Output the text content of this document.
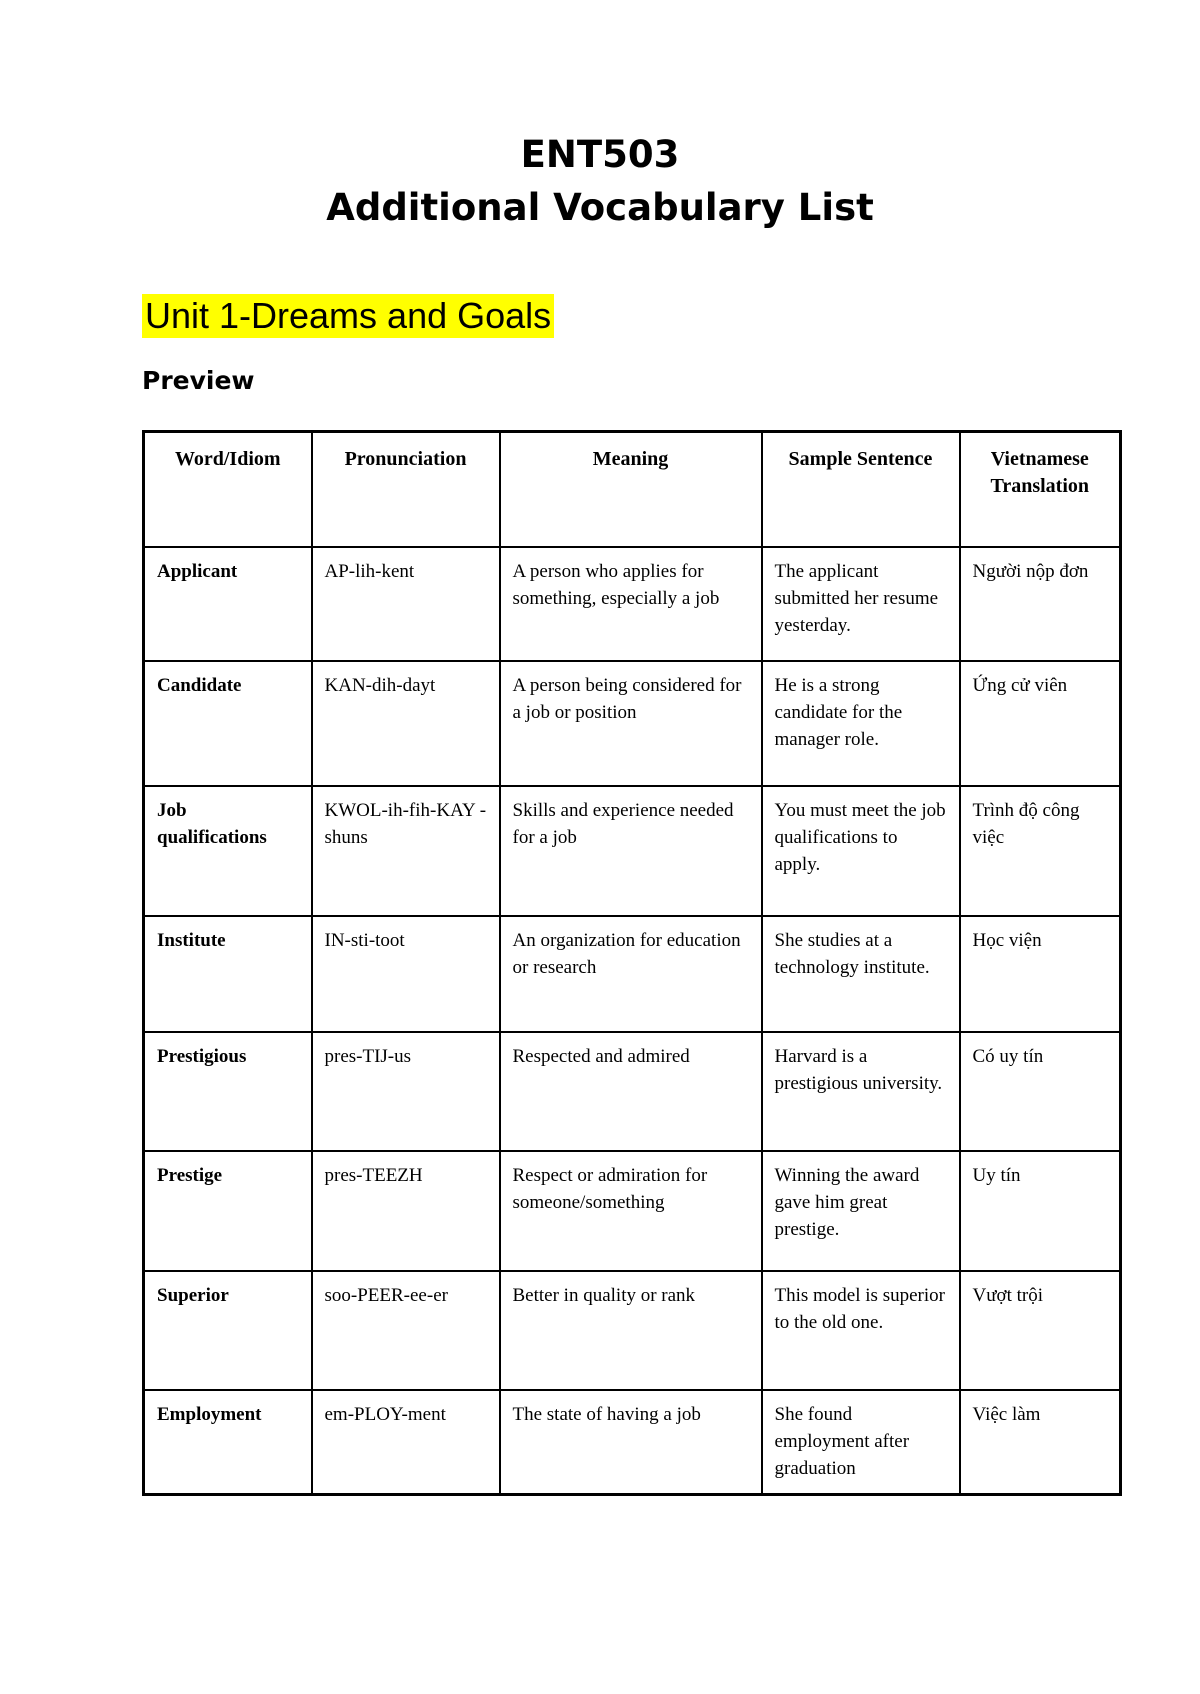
ENT503
Additional Vocabulary List
Unit 1-Dreams and Goals
Preview
Word/Idiom	Pronunciation	Meaning	Sample Sentence	Vietnamese Translation
Applicant	AP-lih-kent	A person who applies for something, especially a job	The applicant submitted her resume yesterday.	Người nộp đơn
Candidate	KAN-dih-dayt	A person being considered for a job or position	He is a strong candidate for the manager role.	Ứng cử viên
Job qualifications	KWOL-ih-fih-KAY -shuns	Skills and experience needed for a job	You must meet the job qualifications to apply.	Trình độ công việc
Institute	IN-sti-toot	An organization for education or research	She studies at a technology institute.	Học viện
Prestigious	pres-TIJ-us	Respected and admired	Harvard is a prestigious university.	Có uy tín
Prestige	pres-TEEZH	Respect or admiration for someone/something	Winning the award gave him great prestige.	Uy tín
Superior	soo-PEER-ee-er	Better in quality or rank	This model is superior to the old one.	Vượt trội
Employment	em-PLOY-ment	The state of having a job	She found employment after graduation	Việc làm
